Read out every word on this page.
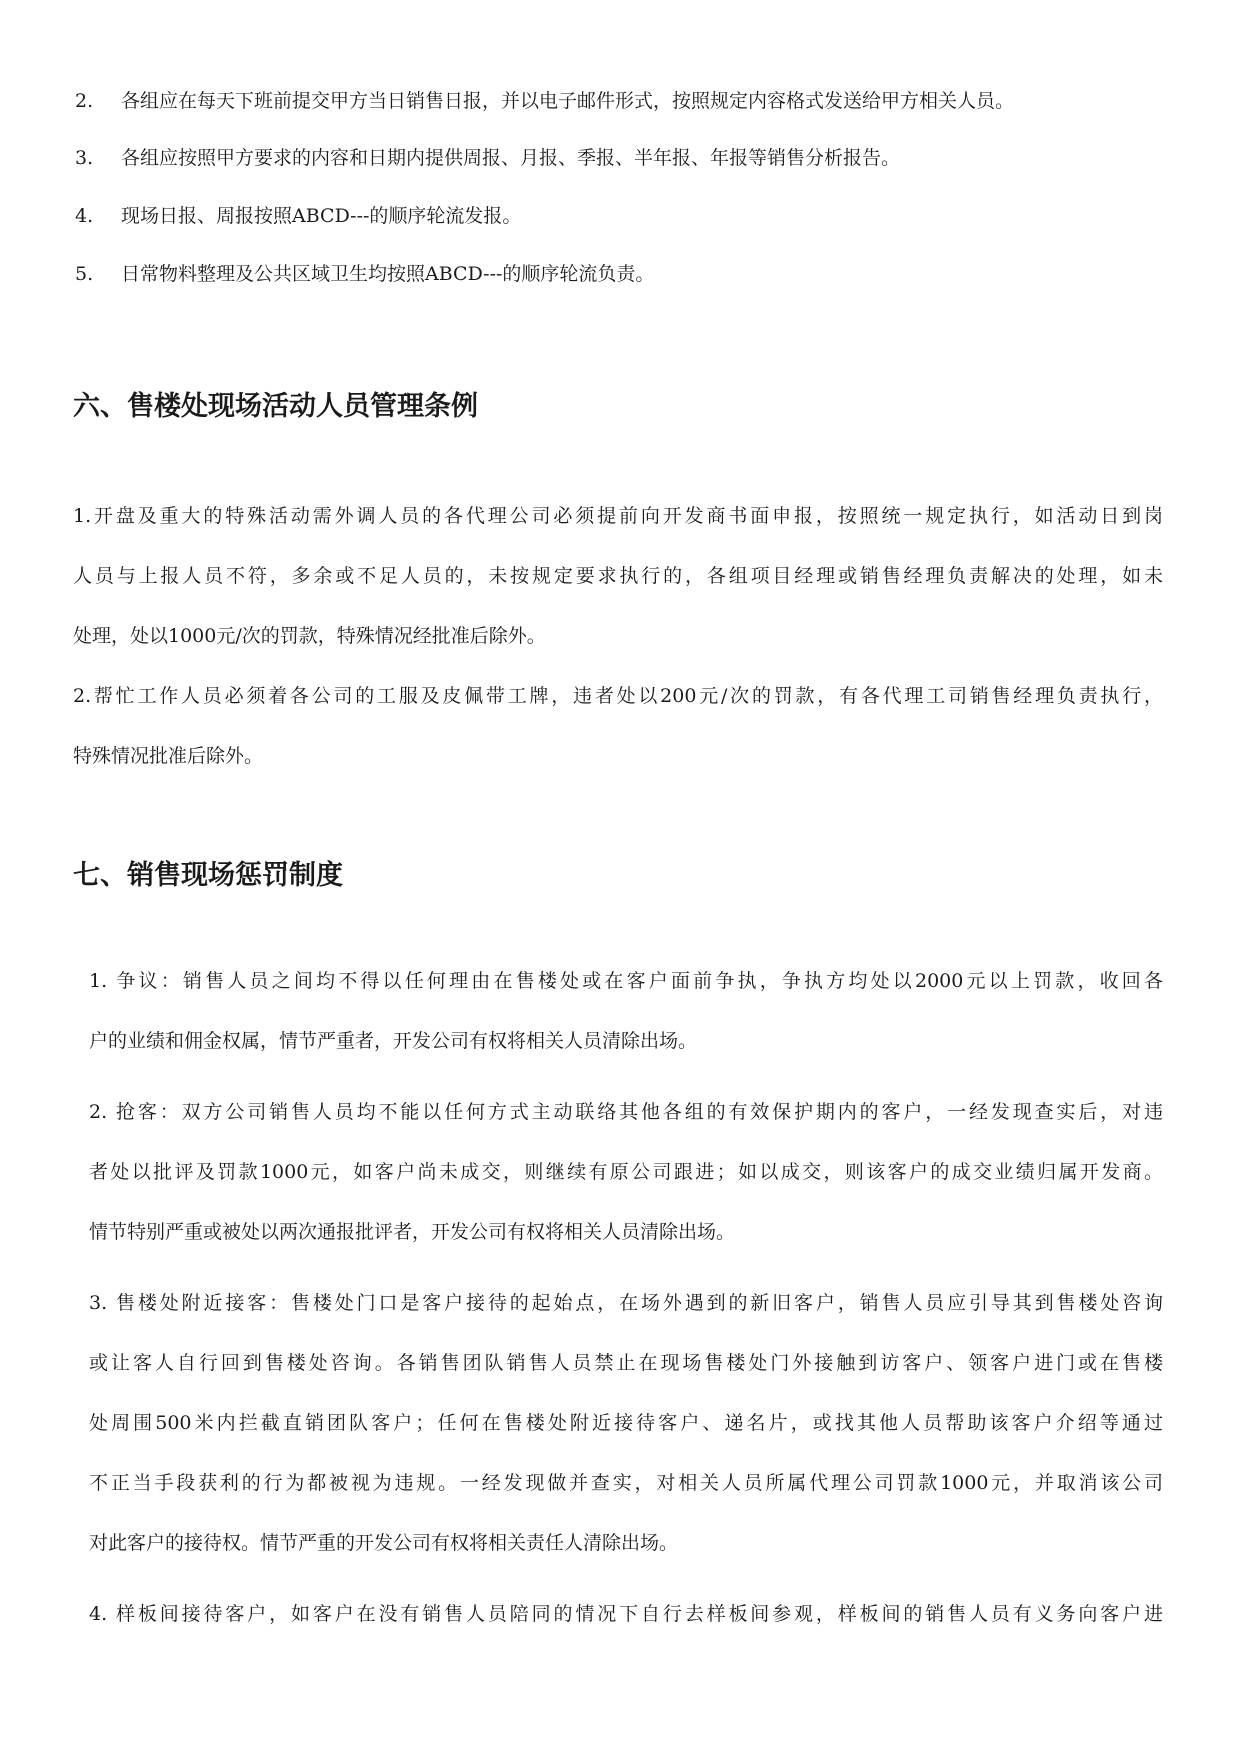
2. 各组应在每天下班前提交甲方当日销售日报，并以电子邮件形式，按照规定内容格式发送给甲方相关人员。
3. 各组应按照甲方要求的内容和日期内提供周报、月报、季报、半年报、年报等销售分析报告。
4. 现场日报、周报按照ABCD---的顺序轮流发报。
5. 日常物料整理及公共区域卫生均按照ABCD---的顺序轮流负责。
六、售楼处现场活动人员管理条例
1.开盘及重大的特殊活动需外调人员的各代理公司必须提前向开发商书面申报，按照统一规定执行，如活动日到岗
人员与上报人员不符，多余或不足人员的，未按规定要求执行的，各组项目经理或销售经理负责解决的处理，如未
处理，处以1000元/次的罚款，特殊情况经批准后除外。
2.帮忙工作人员必须着各公司的工服及皮佩带工牌，违者处以200元/次的罚款，有各代理工司销售经理负责执行，
特殊情况批准后除外。
七、销售现场惩罚制度
1. 争议：销售人员之间均不得以任何理由在售楼处或在客户面前争执，争执方均处以2000元以上罚款，收回各
户的业绩和佣金权属，情节严重者，开发公司有权将相关人员清除出场。
2. 抢客：双方公司销售人员均不能以任何方式主动联络其他各组的有效保护期内的客户，一经发现查实后，对违
者处以批评及罚款1000元，如客户尚未成交，则继续有原公司跟进；如以成交，则该客户的成交业绩归属开发商。
情节特别严重或被处以两次通报批评者，开发公司有权将相关人员清除出场。
3. 售楼处附近接客：售楼处门口是客户接待的起始点，在场外遇到的新旧客户，销售人员应引导其到售楼处咨询
或让客人自行回到售楼处咨询。各销售团队销售人员禁止在现场售楼处门外接触到访客户、领客户进门或在售楼
处周围500米内拦截直销团队客户；任何在售楼处附近接待客户、递名片，或找其他人员帮助该客户介绍等通过
不正当手段获利的行为都被视为违规。一经发现做并查实，对相关人员所属代理公司罚款1000元，并取消该公司
对此客户的接待权。情节严重的开发公司有权将相关责任人清除出场。
4. 样板间接待客户，如客户在没有销售人员陪同的情况下自行去样板间参观，样板间的销售人员有义务向客户进
